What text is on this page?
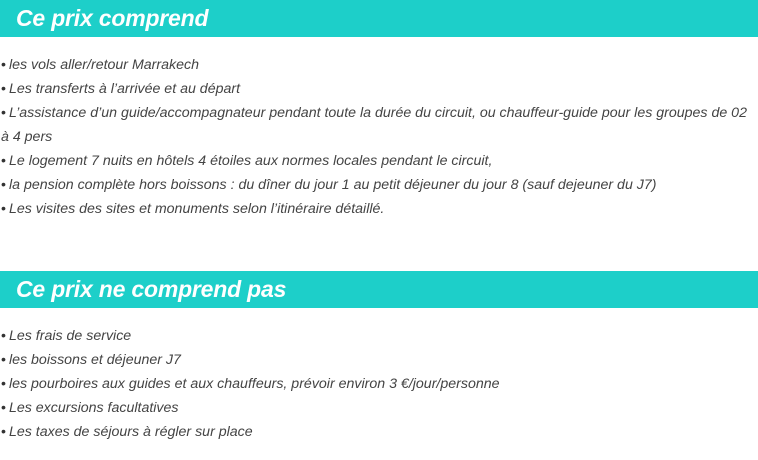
Ce prix comprend
• les vols aller/retour Marrakech
• Les transferts à l’arrivée et au départ
• L’assistance d’un guide/accompagnateur pendant toute la durée du circuit, ou chauffeur-guide pour les groupes de 02 à 4 pers
• Le logement 7 nuits en hôtels 4 étoiles aux normes locales pendant le circuit,
• la pension complète hors boissons : du dîner du jour 1 au petit déjeuner du jour 8 (sauf dejeuner du J7)
• Les visites des sites et monuments selon l’itinéraire détaillé.
Ce prix ne comprend pas
• Les frais de service
• les boissons et déjeuner J7
• les pourboires aux guides et aux chauffeurs, prévoir environ 3 €/jour/personne
• Les excursions facultatives
• Les taxes de séjours à régler sur place
